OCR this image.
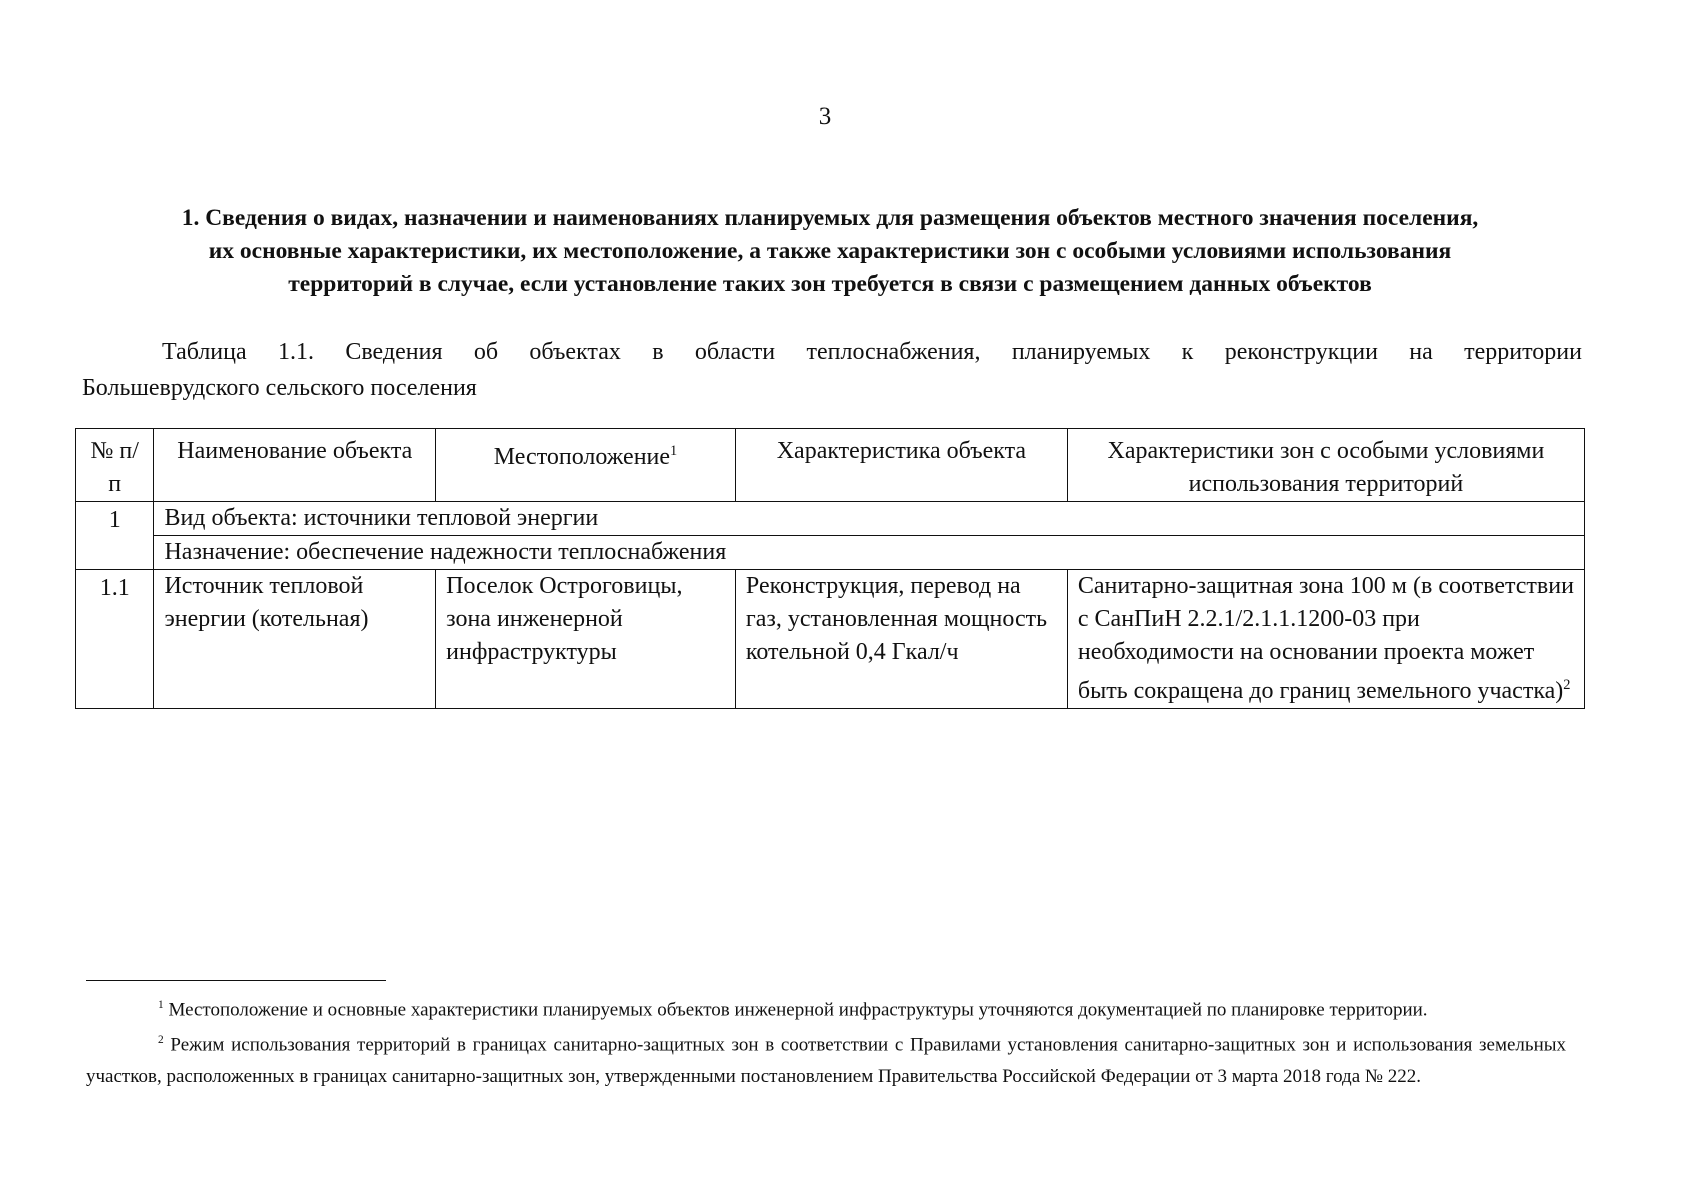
3
1. Сведения о видах, назначении и наименованиях планируемых для размещения объектов местного значения поселения,
их основные характеристики, их местоположение, а также характеристики зон с особыми условиями использования
территорий в случае, если установление таких зон требуется в связи с размещением данных объектов
Таблица 1.1. Сведения об объектах в области теплоснабжения, планируемых к реконструкции на территории
Большеврудского сельского поселения
№ п/п	Наименование объекта	Местоположение$^1$	Характеристика объекта	Характеристики зон с особыми условиями использования территорий
1	Вид объекта: источники тепловой энергии			
	Назначение: обеспечение надежности теплоснабжения			
1.1	Источник тепловой энергии (котельная)	Поселок Остроговицы, зона инженерной инфраструктуры	Реконструкция, перевод на газ, установленная мощность котельной 0,4 Гкал/ч	Санитарно-защитная зона 100 м (в соответствии с СанПиН 2.2.1/2.1.1.1200-03 при необходимости на основании проекта может быть сокращена до границ земельного участка)$^2$

$^1$ Местоположение и основные характеристики планируемых объектов инженерной инфраструктуры уточняются документацией по планировке территории.

$^2$ Режим использования территорий в границах санитарно-защитных зон в соответствии с Правилами установления санитарно-защитных зон и использования земельных участков, расположенных в границах санитарно-защитных зон, утвержденными постановлением Правительства Российской Федерации от 3 марта 2018 года № 222.
